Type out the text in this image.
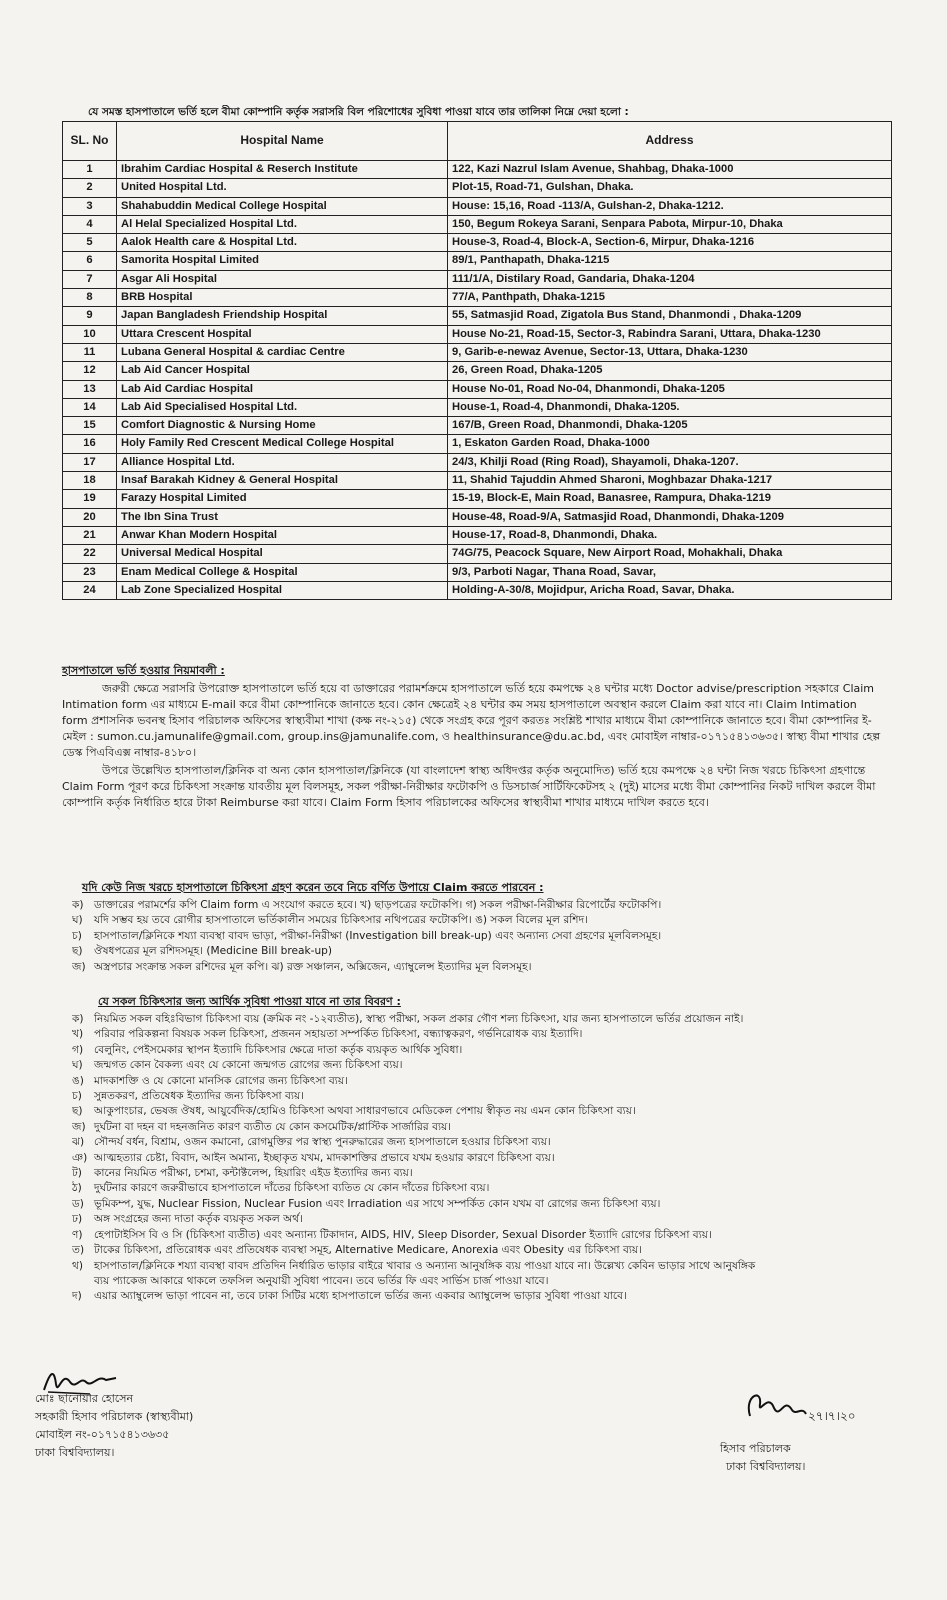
যে সমস্ত হাসপাতালে ভর্তি হলে বীমা কোম্পানি কর্তৃক সরাসরি বিল পরিশোধের সুবিধা পাওয়া যাবে তার তালিকা নিম্নে দেয়া হলো :
SL. No	Hospital Name	Address
1	Ibrahim Cardiac Hospital & Reserch Institute	122, Kazi Nazrul Islam Avenue, Shahbag, Dhaka-1000
2	United Hospital Ltd.	Plot-15, Road-71, Gulshan, Dhaka.
3	Shahabuddin Medical College Hospital	House: 15,16, Road -113/A, Gulshan-2, Dhaka-1212.
4	Al Helal Specialized Hospital Ltd.	150, Begum Rokeya Sarani, Senpara Pabota, Mirpur-10, Dhaka
5	Aalok Health care & Hospital Ltd.	House-3, Road-4, Block-A, Section-6, Mirpur, Dhaka-1216
6	Samorita Hospital Limited	89/1, Panthapath, Dhaka-1215
7	Asgar Ali Hospital	111/1/A, Distilary Road, Gandaria, Dhaka-1204
8	BRB Hospital	77/A, Panthpath, Dhaka-1215
9	Japan Bangladesh Friendship Hospital	55, Satmasjid Road, Zigatola Bus Stand, Dhanmondi , Dhaka-1209
10	Uttara Crescent Hospital	House No-21, Road-15, Sector-3, Rabindra Sarani, Uttara, Dhaka-1230
11	Lubana General Hospital & cardiac Centre	9, Garib-e-newaz Avenue, Sector-13, Uttara, Dhaka-1230
12	Lab Aid Cancer Hospital	26, Green Road, Dhaka-1205
13	Lab Aid Cardiac Hospital	House No-01, Road No-04, Dhanmondi, Dhaka-1205
14	Lab Aid Specialised Hospital Ltd.	House-1, Road-4, Dhanmondi, Dhaka-1205.
15	Comfort Diagnostic & Nursing Home	167/B, Green Road, Dhanmondi, Dhaka-1205
16	Holy Family Red Crescent Medical College Hospital	1, Eskaton Garden Road, Dhaka-1000
17	Alliance Hospital Ltd.	24/3, Khilji Road (Ring Road), Shayamoli, Dhaka-1207.
18	Insaf Barakah Kidney & General Hospital	11, Shahid Tajuddin Ahmed Sharoni, Moghbazar Dhaka-1217
19	Farazy Hospital Limited	15-19, Block-E, Main Road, Banasree, Rampura, Dhaka-1219
20	The Ibn Sina Trust	House-48, Road-9/A, Satmasjid Road, Dhanmondi, Dhaka-1209
21	Anwar Khan Modern Hospital	House-17, Road-8, Dhanmondi, Dhaka.
22	Universal Medical Hospital	74G/75, Peacock Square, New Airport Road, Mohakhali, Dhaka
23	Enam Medical College & Hospital	9/3, Parboti Nagar, Thana Road, Savar,
24	Lab Zone Specialized Hospital	Holding-A-30/8, Mojidpur, Aricha Road, Savar, Dhaka.

হাসপাতালে ভর্তি হওয়ার নিয়মাবলী :

জরুরী ক্ষেত্রে সরাসরি উপরোক্ত হাসপাতালে ভর্তি হয়ে বা ডাক্তারের পরামর্শক্রমে হাসপাতালে ভর্তি হয়ে কমপক্ষে ২৪ ঘন্টার মধ্যে Doctor advise/prescription সহকারে Claim Intimation form এর মাধ্যমে E-mail করে বীমা কোম্পানিকে জানাতে হবে। কোন ক্ষেত্রেই ২৪ ঘন্টার কম সময় হাসপাতালে অবস্থান করলে Claim করা যাবে না। Claim Intimation form প্রশাসনিক ভবনস্থ হিসাব পরিচালক অফিসের স্বাস্থ্যবীমা শাখা (কক্ষ নং-২১৫) থেকে সংগ্রহ করে পূরণ করতঃ সংশ্লিষ্ট শাখার মাধ্যমে বীমা কোম্পানিকে জানাতে হবে। বীমা কোম্পানির ই-মেইল : sumon.cu.jamunalife@gmail.com, group.ins@jamunalife.com, ও healthinsurance@du.ac.bd, এবং মোবাইল নাম্বার-০১৭১৫৪১৩৬৩৫। স্বাস্থ্য বীমা শাখার হেল্প ডেস্ক পিএবিএক্স নাম্বার-৪১৮০।

উপরে উল্লেখিত হাসপাতাল/ক্লিনিক বা অন্য কোন হাসপাতাল/ক্লিনিকে (যা বাংলাদেশ স্বাস্থ্য অধিদপ্তর কর্তৃক অনুমোদিত) ভর্তি হয়ে কমপক্ষে ২৪ ঘন্টা নিজ খরচে চিকিৎসা গ্রহণান্তে Claim Form পূরণ করে চিকিৎসা সংক্রান্ত যাবতীয় মূল বিলসমূহ, সকল পরীক্ষা-নিরীক্ষার ফটোকপি ও ডিসচার্জ সার্টিফিকেটসহ ২ (দুই) মাসের মধ্যে বীমা কোম্পানির নিকট দাখিল করলে বীমা কোম্পানি কর্তৃক নির্ধারিত হারে টাকা Reimburse করা যাবে। Claim Form হিসাব পরিচালকের অফিসের স্বাস্থ্যবীমা শাখার মাধ্যমে দাখিল করতে হবে।

যদি কেউ নিজ খরচে হাসপাতালে চিকিৎসা গ্রহণ করেন তবে নিচে বর্ণিত উপায়ে Claim করতে পারবেন :

ক) ডাক্তারের পরামর্শের কপি Claim form এ সংযোগ করতে হবে। খ) ছাড়পত্রের ফটোকপি। গ) সকল পরীক্ষা-নিরীক্ষার রিপোর্টের ফটোকপি।
ঘ) যদি সম্ভব হয় তবে রোগীর হাসপাতালে ভর্তিকালীন সময়ের চিকিৎসার নথিপত্রের ফটোকপি। ঙ) সকল বিলের মূল রশিদ।
চ) হাসপাতাল/ক্লিনিকে শয্যা ব্যবস্থা বাবদ ভাড়া, পরীক্ষা-নিরীক্ষা (Investigation bill break-up) এবং অন্যান্য সেবা গ্রহণের মূলবিলসমূহ।
ছ) ঔষধপত্রের মূল রশিদসমূহ। (Medicine Bill break-up)
জ) অস্ত্রপচার সংক্রান্ত সকল রশিদের মূল কপি। ঝ) রক্ত সঞ্চালন, অক্সিজেন, এ্যাম্বুলেন্স ইত্যাদির মূল বিলসমূহ।

যে সকল চিকিৎসার জন্য আর্থিক সুবিধা পাওয়া যাবে না তার বিবরণ :

ক) নিয়মিত সকল বহিঃবিভাগ চিকিৎসা ব্যয় (ক্রমিক নং -১২ব্যতীত), স্বাস্থ্য পরীক্ষা, সকল প্রকার গৌণ শল্য চিকিৎসা, যার জন্য হাসপাতালে ভর্তির প্রয়োজন নাই।
খ) পরিবার পরিকল্পনা বিষয়ক সকল চিকিৎসা, প্রজনন সহায়তা সম্পর্কিত চিকিৎসা, বন্ধ্যাত্বকরণ, গর্ভনিরোধক ব্যয় ইত্যাদি।
গ) বেলুনিং, পেইসমেকার স্থাপন ইত্যাদি চিকিৎসার ক্ষেত্রে দাতা কর্তৃক ব্যয়কৃত আর্থিক সুবিধা।
ঘ) জন্মগত কোন বৈকল্য এবং যে কোনো জন্মগত রোগের জন্য চিকিৎসা ব্যয়।
ঙ) মাদকাশক্তি ও যে কোনো মানসিক রোগের জন্য চিকিৎসা ব্যয়।
চ) সুন্নতকরণ, প্রতিষেধক ইত্যাদির জন্য চিকিৎসা ব্যয়।
ছ) আকুপাংচার, ভেষজ ঔষধ, আয়ুর্বেদিক/হোমিও চিকিৎসা অথবা সাধারণভাবে মেডিকেল পেশায় স্বীকৃত নয় এমন কোন চিকিৎসা ব্যয়।
জ) দুর্ঘটনা বা দহন বা দহনজনিত কারণ ব্যতীত যে কোন কসমেটিক/প্লাস্টিক সার্জারির ব্যয়।
ঝ) সৌন্দর্য বর্ধন, বিশ্রাম, ওজন কমানো, রোগমুক্তির পর স্বাস্থ্য পুনরুদ্ধারের জন্য হাসপাতালে হওয়ার চিকিৎসা ব্যয়।
ঞ) আত্মহত্যার চেষ্টা, বিবাদ, আইন অমান্য, ইচ্ছাকৃত যখম, মাদকাশক্তির প্রভাবে যখম হওয়ার কারণে চিকিৎসা ব্যয়।
ট) কানের নিয়মিত পরীক্ষা, চশমা, কন্টাক্টলেন্স, হিয়ারিং এইড ইত্যাদির জন্য ব্যয়।
ঠ) দুর্ঘটনার কারণে জরুরীভাবে হাসপাতালে দাঁতের চিকিৎসা ব্যতিত যে কোন দাঁতের চিকিৎসা ব্যয়।
ড) ভূমিকম্প, যুদ্ধ, Nuclear Fission, Nuclear Fusion এবং Irradiation এর সাথে সম্পর্কিত কোন যখম বা রোগের জন্য চিকিৎসা ব্যয়।
ঢ) অঙ্গ সংগ্রহের জন্য দাতা কর্তৃক ব্যয়কৃত সকল অর্থ।
ণ) হেপাটাইসিস বি ও সি (চিকিৎসা ব্যতীত) এবং অন্যান্য টিকাদান, AIDS, HIV, Sleep Disorder, Sexual Disorder ইত্যাদি রোগের চিকিৎসা ব্যয়।
ত) টাকের চিকিৎসা, প্রতিরোধক এবং প্রতিষেধক ব্যবস্থা সমূহ, Alternative Medicare, Anorexia এবং Obesity এর চিকিৎসা ব্যয়।
থ) হাসপাতাল/ক্লিনিকে শয্যা ব্যবস্থা বাবদ প্রতিদিন নির্ধারিত ভাড়ার বাইরে খাবার ও অন্যান্য আনুষঙ্গিক ব্যয় পাওয়া যাবে না। উল্লেখ্য কেবিন ভাড়ার সাথে আনুষঙ্গিক
ব্যয় প্যাকেজ আকারে থাকলে তফসিল অনুযায়ী সুবিধা পাবেন। তবে ভর্তির ফি এবং সার্ভিস চার্জ পাওয়া যাবে।
দ) এয়ার অ্যাম্বুলেন্স ভাড়া পাবেন না, তবে ঢাকা সিটির মধ্যে হাসপাতালে ভর্তির জন্য একবার অ্যাম্বুলেন্স ভাড়ার সুবিধা পাওয়া যাবে।
মোঃ ছানোয়ার হোসেন
সহকারী হিসাব পরিচালক (স্বাস্থ্যবীমা)
মোবাইল নং-০১৭১৫৪১৩৬৩৫
ঢাকা বিশ্ববিদ্যালয়।
২৭।৭।২০
হিসাব পরিচালক
ঢাকা বিশ্ববিদ্যালয়।
